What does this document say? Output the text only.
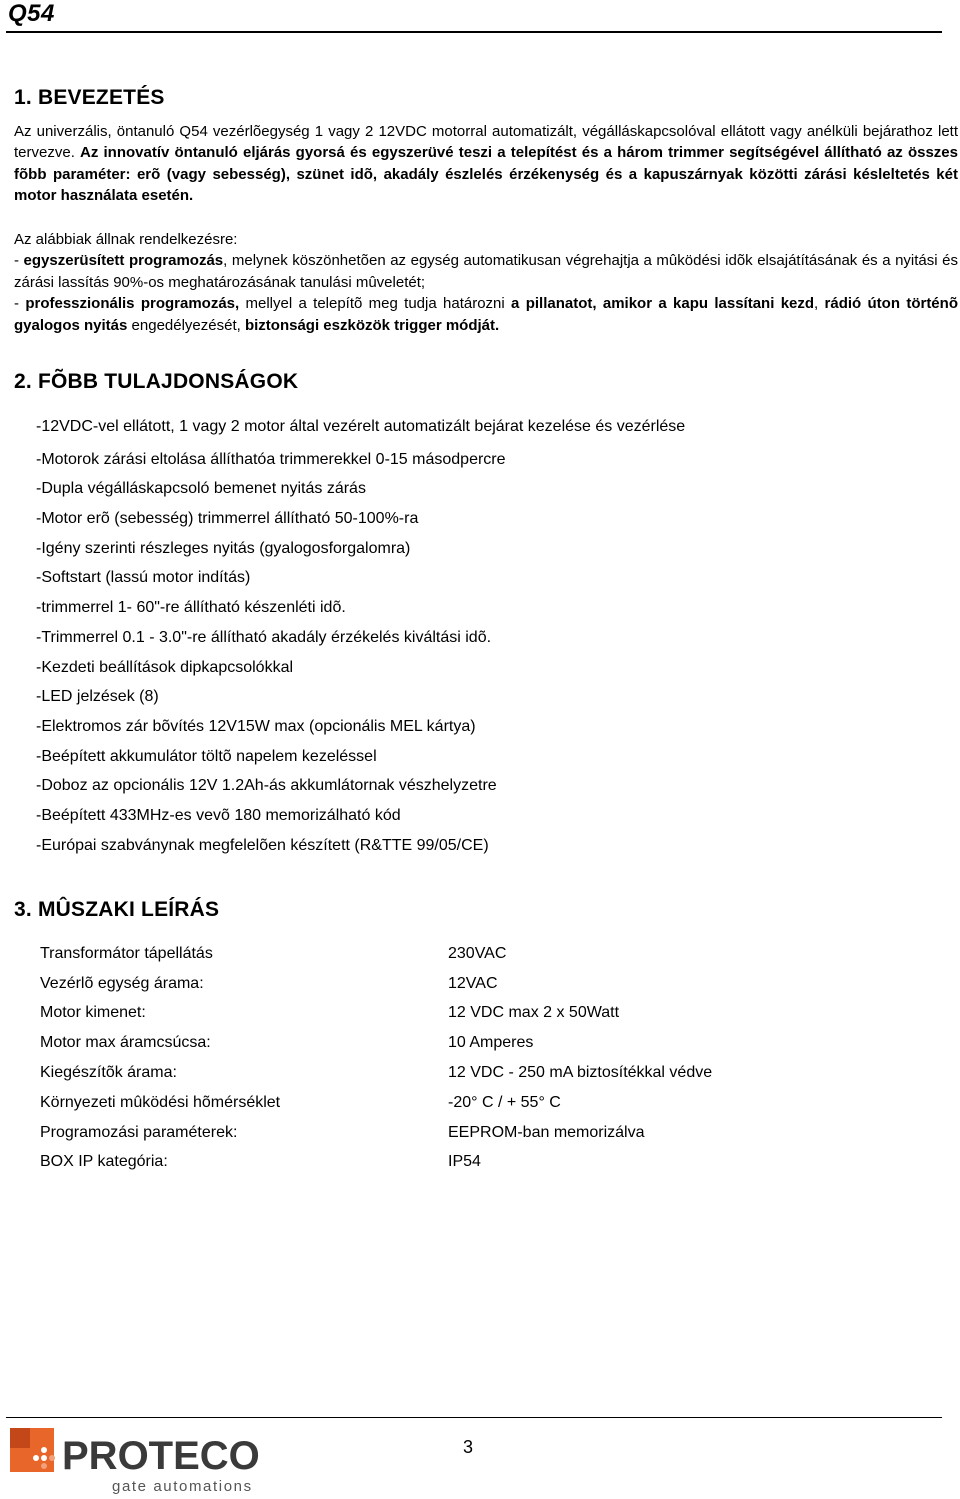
Q54
1. BEVEZETÉS
Az univerzális, öntanuló Q54 vezérlõegység 1 vagy 2 12VDC motorral automatizált, végálláskapcsolóval ellátott vagy anélküli bejárathoz lett tervezve. Az innovatív öntanuló eljárás gyorsá és egyszerüvé teszi a telepítést és a három trimmer segítségével állítható az összes fõbb paraméter: erõ (vagy sebesség), szünet idõ, akadály észlelés érzékenység és a kapuszárnyak közötti zárási késleltetés két motor használata esetén.
Az alábbiak állnak rendelkezésre:
- egyszerüsített programozás, melynek köszönhetõen az egység automatikusan végrehajtja a mûködési idõk elsajátításának és a nyitási és zárási lassítás 90%-os meghatározásának tanulási mûveletét;
- professzionális programozás, mellyel a telepítõ meg tudja határozni a pillanatot, amikor a kapu lassítani kezd, rádió úton történõ gyalogos nyitás engedélyezését, biztonsági eszközök trigger módját.
2. FÕBB TULAJDONSÁGOK
-12VDC-vel ellátott, 1 vagy 2 motor által vezérelt automatizált bejárat kezelése és vezérlése
-Motorok zárási eltolása állíthatóa trimmerekkel 0-15 másodpercre
-Dupla végálláskapcsoló bemenet nyitás zárás
-Motor erõ (sebesség) trimmerrel állítható 50-100%-ra
-Igény szerinti részleges nyitás (gyalogosforgalomra)
-Softstart (lassú motor indítás)
-trimmerrel 1- 60"-re állítható készenléti idõ.
-Trimmerrel 0.1 - 3.0"-re állítható akadály érzékelés kiváltási idõ.
-Kezdeti beállítások dipkapcsolókkal
-LED jelzések (8)
-Elektromos zár bõvítés 12V15W max (opcionális MEL kártya)
-Beépített akkumulátor töltõ napelem kezeléssel
-Doboz az opcionális 12V 1.2Ah-ás akkumlátornak vészhelyzetre
-Beépített 433MHz-es vevõ 180 memorizálható kód
-Európai szabványnak megfelelõen készített (R&TTE 99/05/CE)
3. MÛSZAKI LEÍRÁS
Transformátor tápellátás	230VAC
Vezérlõ egység árama:	12VAC
Motor kimenet:	12 VDC max 2 x 50Watt
Motor max áramcsúcsa:	10 Amperes
Kiegészítõk árama:	12 VDC - 250 mA biztosítékkal védve
Környezeti mûködési hõmérséklet	-20° C / + 55° C
Programozási paraméterek:	EEPROM-ban memorizálva
BOX IP kategória:	IP54
PROTECO
gate automations
3
